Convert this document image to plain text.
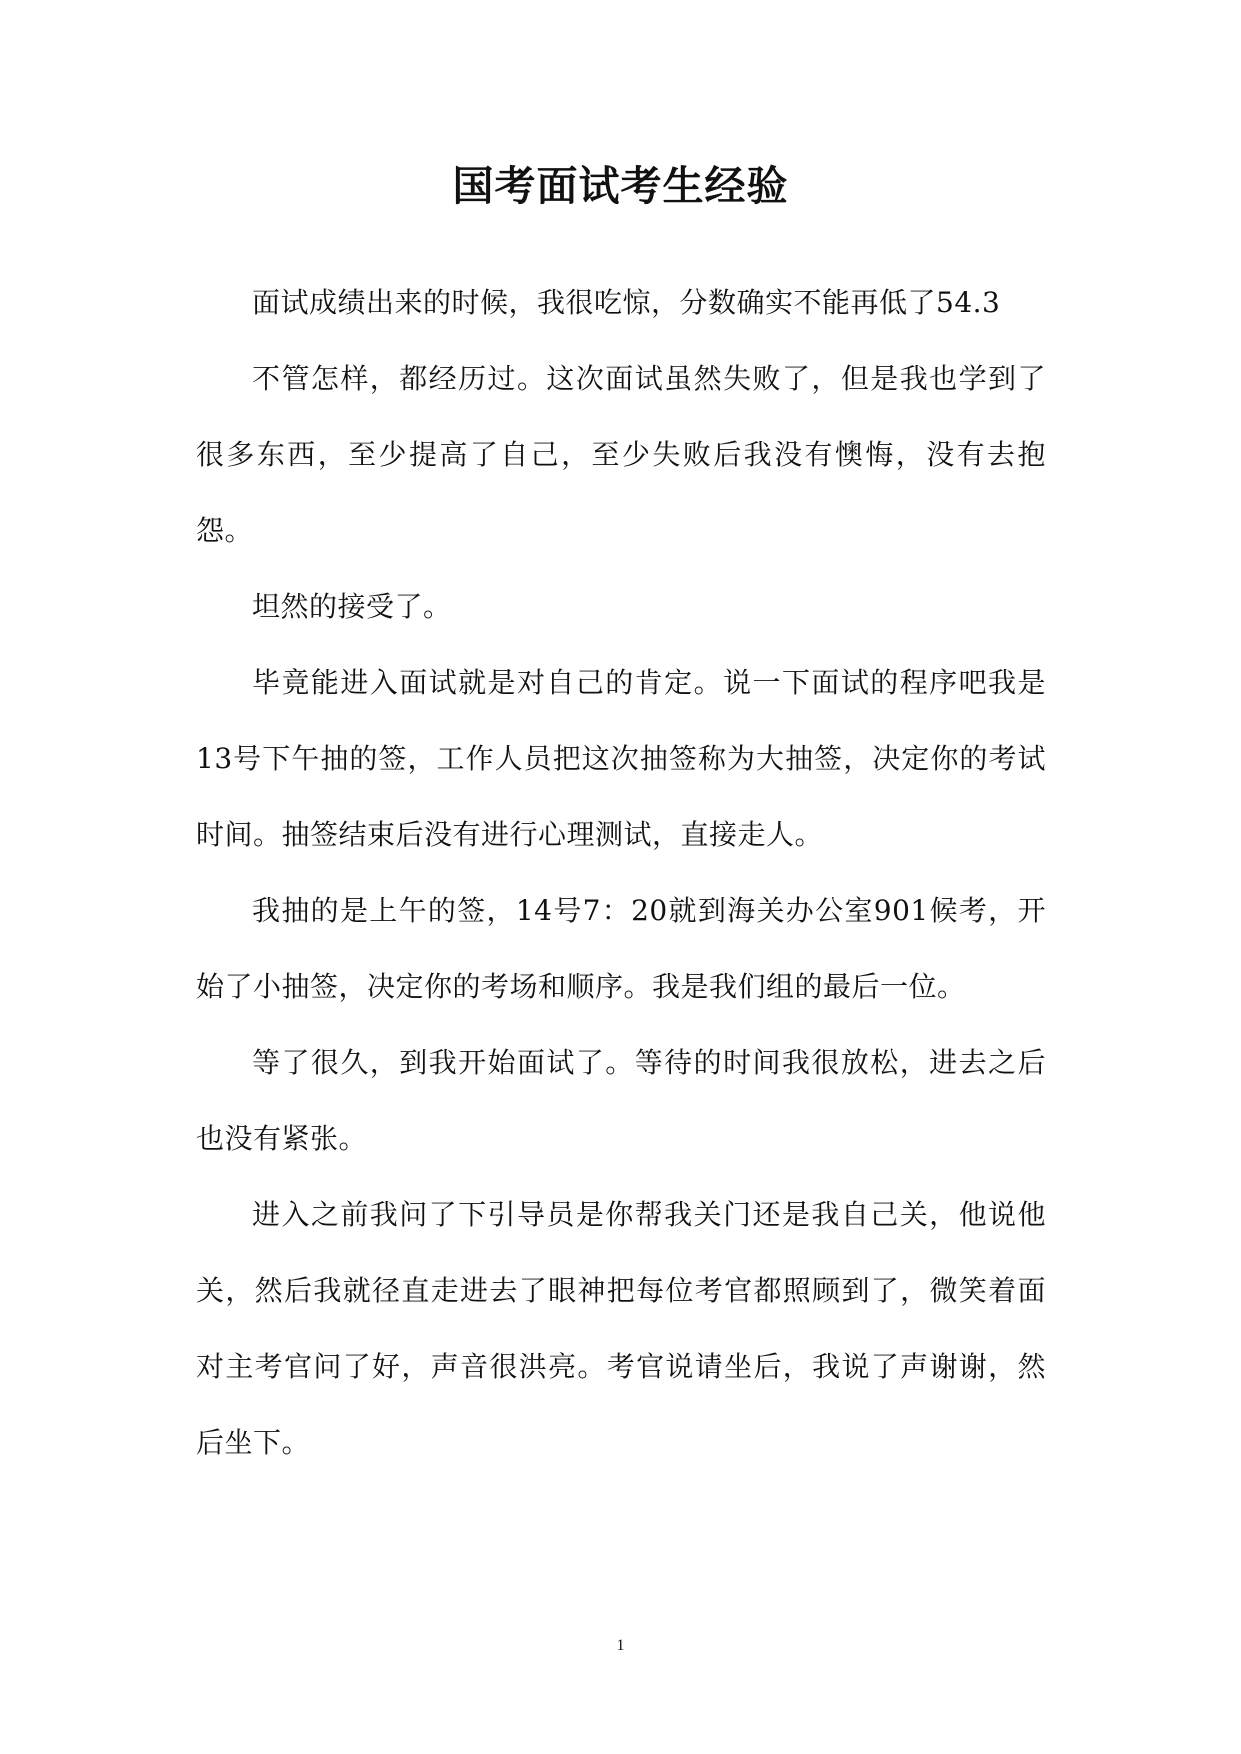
国考面试考生经验

面试成绩出来的时候，我很吃惊，分数确实不能再低了54.3

不管怎样，都经历过。这次面试虽然失败了，但是我也学到了很多东西，至少提高了自己，至少失败后我没有懊悔，没有去抱怨。

坦然的接受了。

毕竟能进入面试就是对自己的肯定。说一下面试的程序吧我是13号下午抽的签，工作人员把这次抽签称为大抽签，决定你的考试时间。抽签结束后没有进行心理测试，直接走人。

我抽的是上午的签，14号7：20就到海关办公室901候考，开始了小抽签，决定你的考场和顺序。我是我们组的最后一位。

等了很久，到我开始面试了。等待的时间我很放松，进去之后也没有紧张。

进入之前我问了下引导员是你帮我关门还是我自己关，他说他关，然后我就径直走进去了眼神把每位考官都照顾到了，微笑着面对主考官问了好，声音很洪亮。考官说请坐后，我说了声谢谢，然后坐下。

1
